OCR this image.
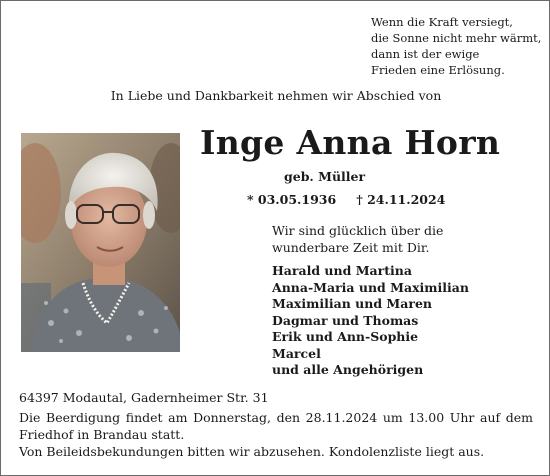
Wenn die Kraft versiegt,
die Sonne nicht mehr wärmt,
dann ist der ewige
Frieden eine Erlösung.
In Liebe und Dankbarkeit nehmen wir Abschied von
Inge Anna Horn
geb. Müller
* 03.05.1936 † 24.11.2024
Wir sind glücklich über die
wunderbare Zeit mit Dir.
Harald und Martina
Anna-Maria und Maximilian
Maximilian und Maren
Dagmar und Thomas
Erik und Ann-Sophie
Marcel
und alle Angehörigen
64397 Modautal, Gadernheimer Str. 31
Die Beerdigung findet am Donnerstag, den 28.11.2024 um 13.00 Uhr auf dem Friedhof in Brandau statt.
Von Beileidsbekundungen bitten wir abzusehen. Kondolenzliste liegt aus.
